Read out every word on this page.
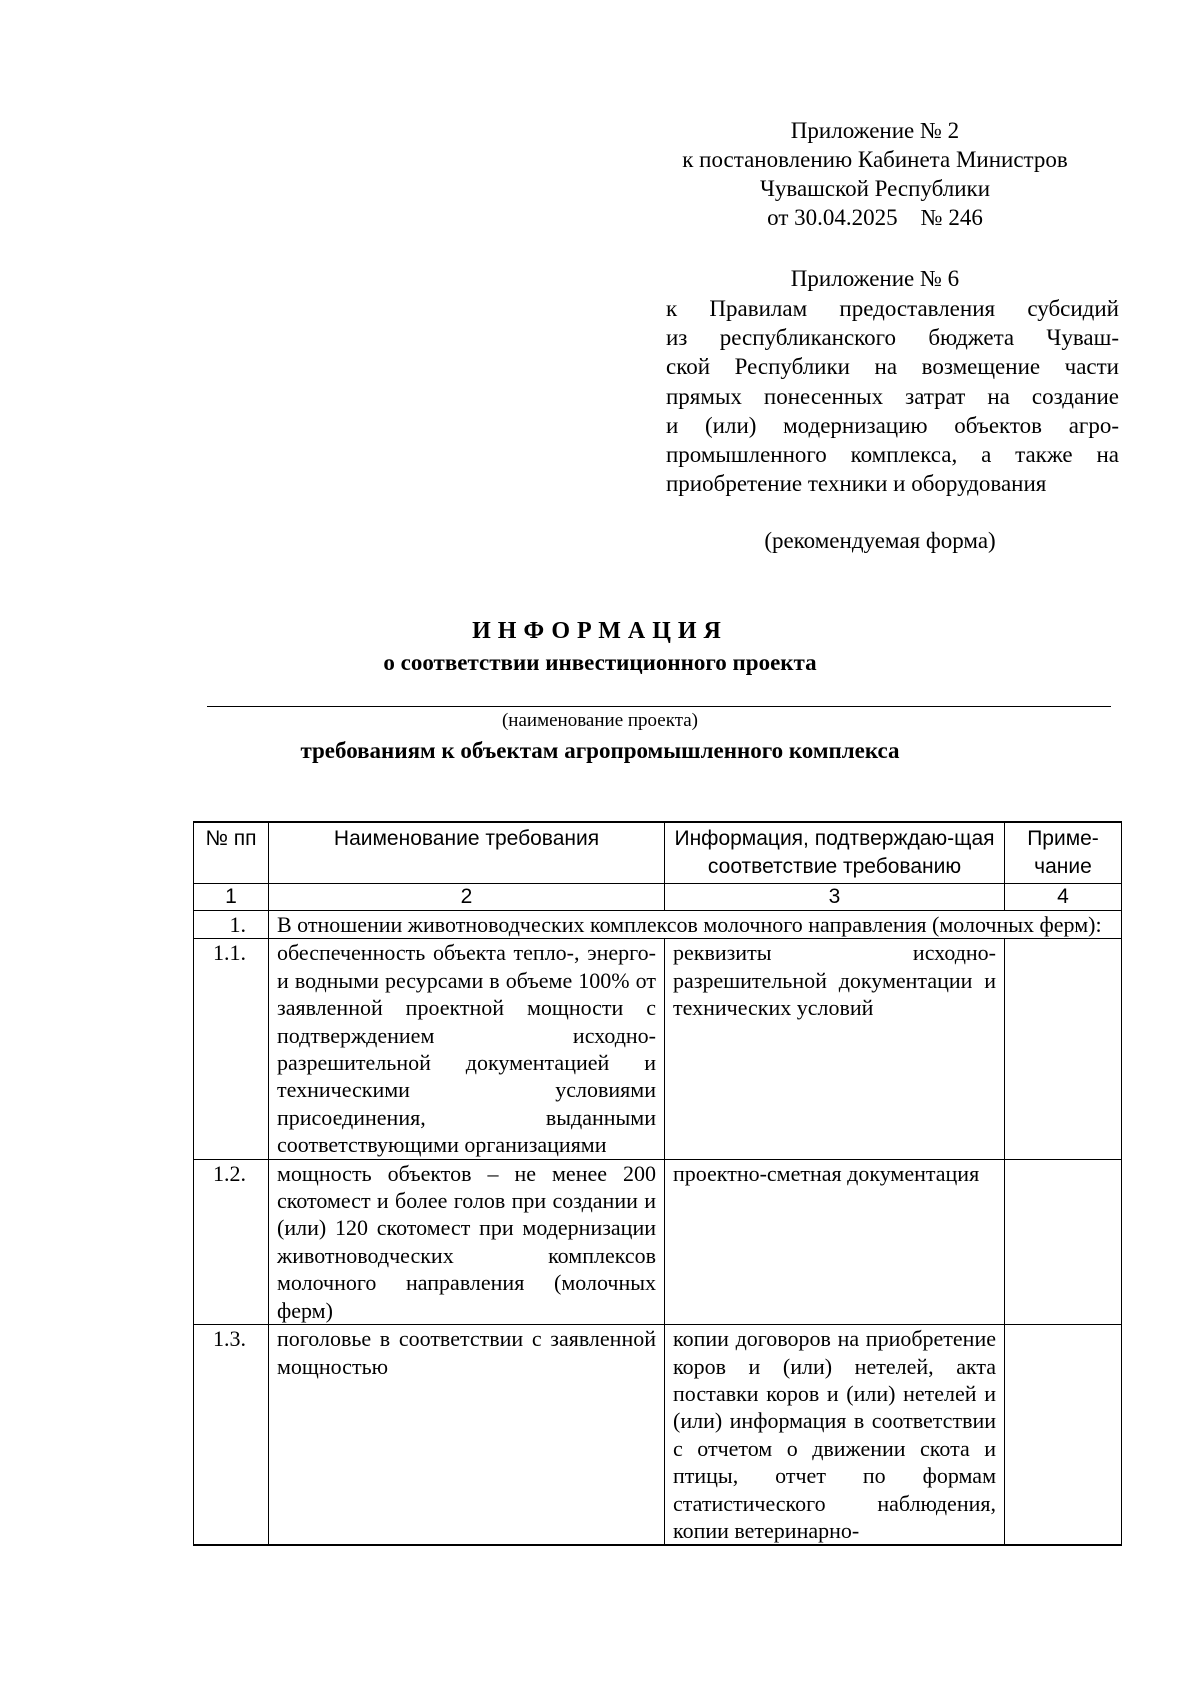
Приложение № 2
к постановлению Кабинета Министров
Чувашской Республики
от 30.04.2025    № 246
Приложение № 6
к Правилам предоставления субсидий
из республиканского бюджета Чуваш-
ской Республики на возмещение части
прямых понесенных затрат на создание
и (или) модернизацию объектов агро-
промышленного комплекса, а также на
приобретение техники и оборудования
(рекомендуемая форма)
ИНФОРМАЦИЯ
о соответствии инвестиционного проекта
(наименование проекта)
требованиям к объектам агропромышленного комплекса
№ пп	Наименование требования	Информация, подтверждаю-щая соответствие требованию	Приме-чание
1	2	3	4
1.	В отношении животноводческих комплексов молочного направления (молочных ферм):		
1.1.	обеспеченность объекта тепло-, энерго- и водными ресурсами в объеме 100% от заявленной проектной мощности с подтверждением исходно-разрешительной документацией и техническими условиями присоединения, выданными соответствующими организациями	реквизиты исходно-разрешительной документации и технических условий	
1.2.	мощность объектов – не менее 200 скотомест и более голов при создании и (или) 120 скотомест при модернизации животноводческих комплексов молочного направления (молочных ферм)	проектно-сметная документация	
1.3.	поголовье в соответствии с заявленной мощностью	копии договоров на приобретение коров и (или) нетелей, акта поставки коров и (или) нетелей и (или) информация в соответствии с отчетом о движении скота и птицы, отчет по формам статистического наблюдения, копии ветеринарно-	
